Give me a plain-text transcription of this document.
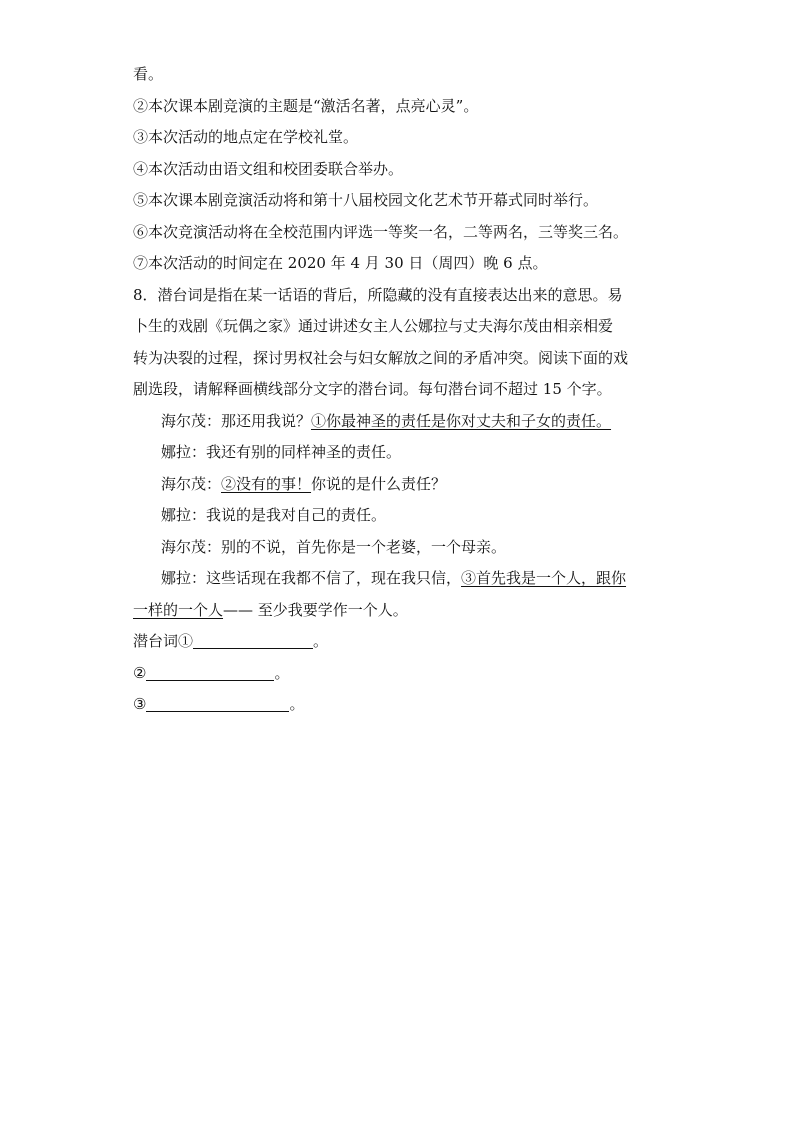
看。
②本次课本剧竞演的主题是“激活名著，点亮心灵”。
③本次活动的地点定在学校礼堂。
④本次活动由语文组和校团委联合举办。
⑤本次课本剧竞演活动将和第十八届校园文化艺术节开幕式同时举行。
⑥本次竞演活动将在全校范围内评选一等奖一名，二等两名，三等奖三名。
⑦本次活动的时间定在 2020 年 4 月 30 日（周四）晚 6 点。
8．潜台词是指在某一话语的背后，所隐藏的没有直接表达出来的意思。易
卜生的戏剧《玩偶之家》通过讲述女主人公娜拉与丈夫海尔茂由相亲相爱
转为决裂的过程，探讨男权社会与妇女解放之间的矛盾冲突。阅读下面的戏
剧选段，请解释画横线部分文字的潜台词。每句潜台词不超过 15 个字。
海尔茂：那还用我说？①你最神圣的责任是你对丈夫和子女的责任。
娜拉：我还有别的同样神圣的责任。
海尔茂：②没有的事！你说的是什么责任？
娜拉：我说的是我对自己的责任。
海尔茂：别的不说，首先你是一个老婆，一个母亲。
娜拉：这些话现在我都不信了，现在我只信，③首先我是一个人，跟你
一样的一个人—— 至少我要学作一个人。
潜台词①	。
②	。
③	。
